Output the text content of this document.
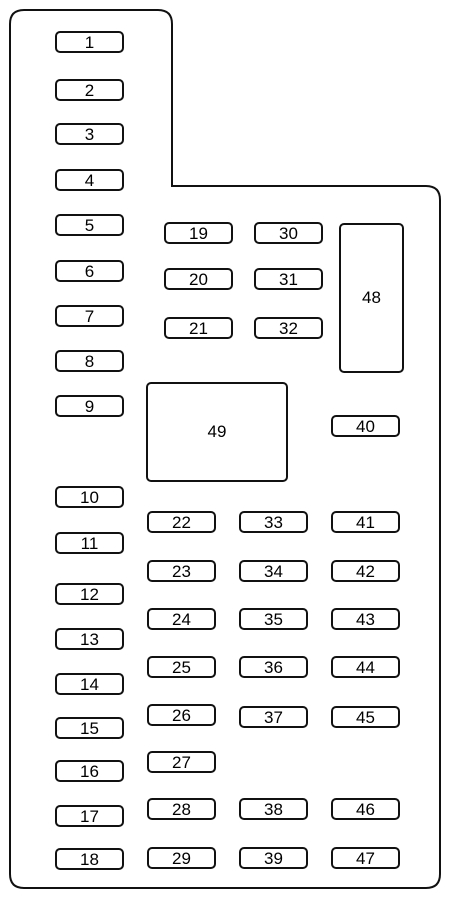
1
2
3
4
5
6
7
8
9
10
11
12
13
14
15
16
17
18
19
20
21
22
23
24
25
26
27
28
29
30
31
32
33
34
35
36
37
38
39
40
41
42
43
44
45
46
47
48
49
